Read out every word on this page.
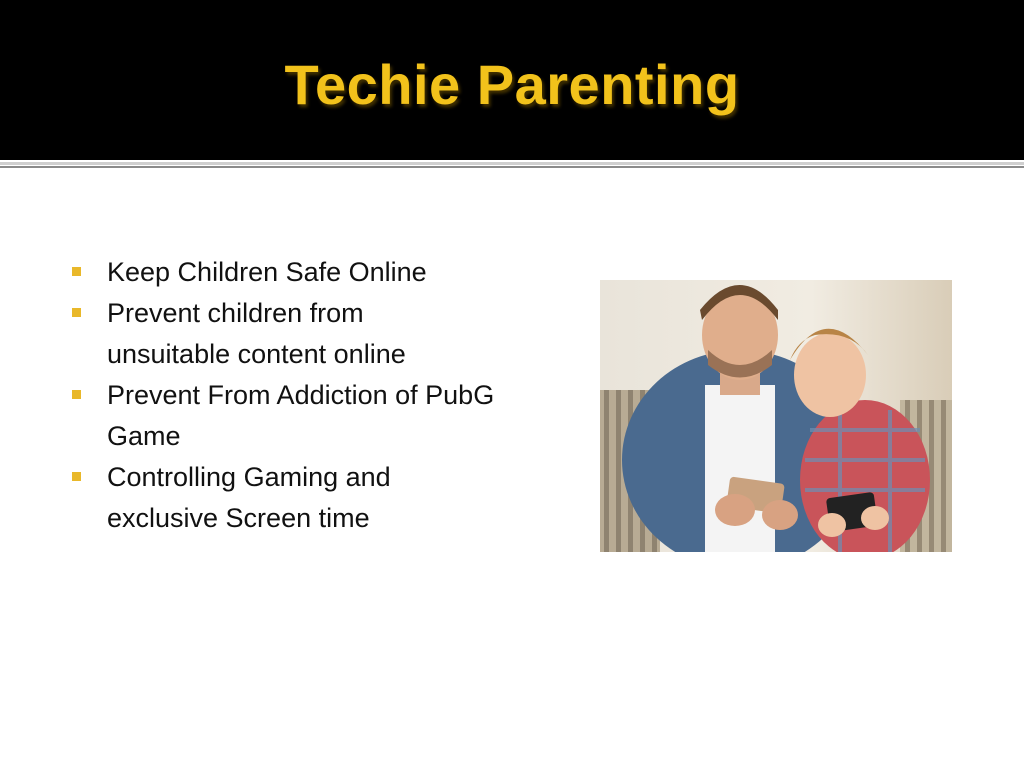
Techie Parenting
Keep Children Safe Online
Prevent children from unsuitable content online
Prevent From Addiction of PubG Game
Controlling Gaming and exclusive Screen time
